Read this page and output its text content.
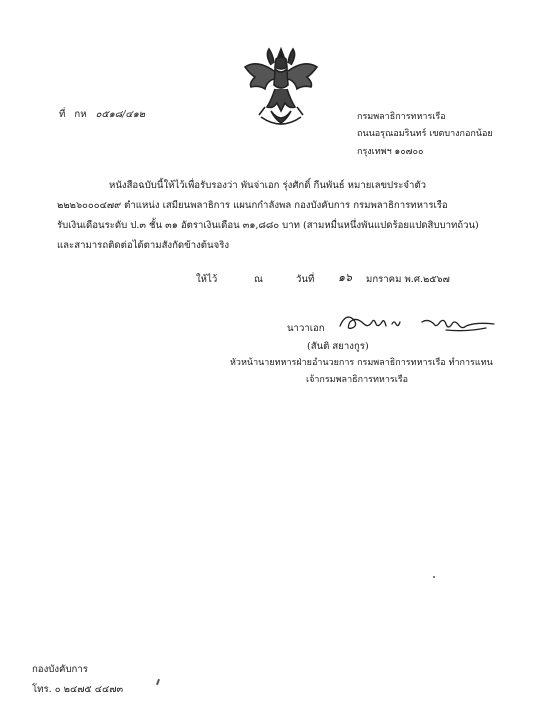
ที่ กห ๐๕๑๘/๔๑๒	กรมพลาธิการทหารเรือ
ถนนอรุณอมรินทร์ เขตบางกอกน้อย
กรุงเทพฯ ๑๐๗๐๐
หนังสือฉบับนี้ให้ไว้เพื่อรับรองว่า พันจ่าเอก รุ่งศักดิ์ กีนพันธ์ หมายเลขประจำตัว
๒๒๒๖๐๐๐๔๗๙ ตำแหน่ง เสมียนพลาธิการ แผนกกำลังพล กองบังคับการ กรมพลาธิการทหารเรือ
รับเงินเดือนระดับ ป.๓ ชั้น ๓๑ อัตราเงินเดือน ๓๑,๘๘๐ บาท (สามหมื่นหนึ่งพันแปดร้อยแปดสิบบาทถ้วน)
และสามารถติดต่อได้ตามสังกัดข้างต้นจริง
ให้ไว้	ณ	วันที่ ๑๖ มกราคม พ.ศ.๒๕๖๗
นาวาเอก
(สันติ สยางกูร)
หัวหน้านายทหารฝ่ายอำนวยการ กรมพลาธิการทหารเรือ ทำการแทน
เจ้ากรมพลาธิการทหารเรือ
กองบังคับการ
โทร. ๐ ๒๔๗๕ ๔๔๗๓
